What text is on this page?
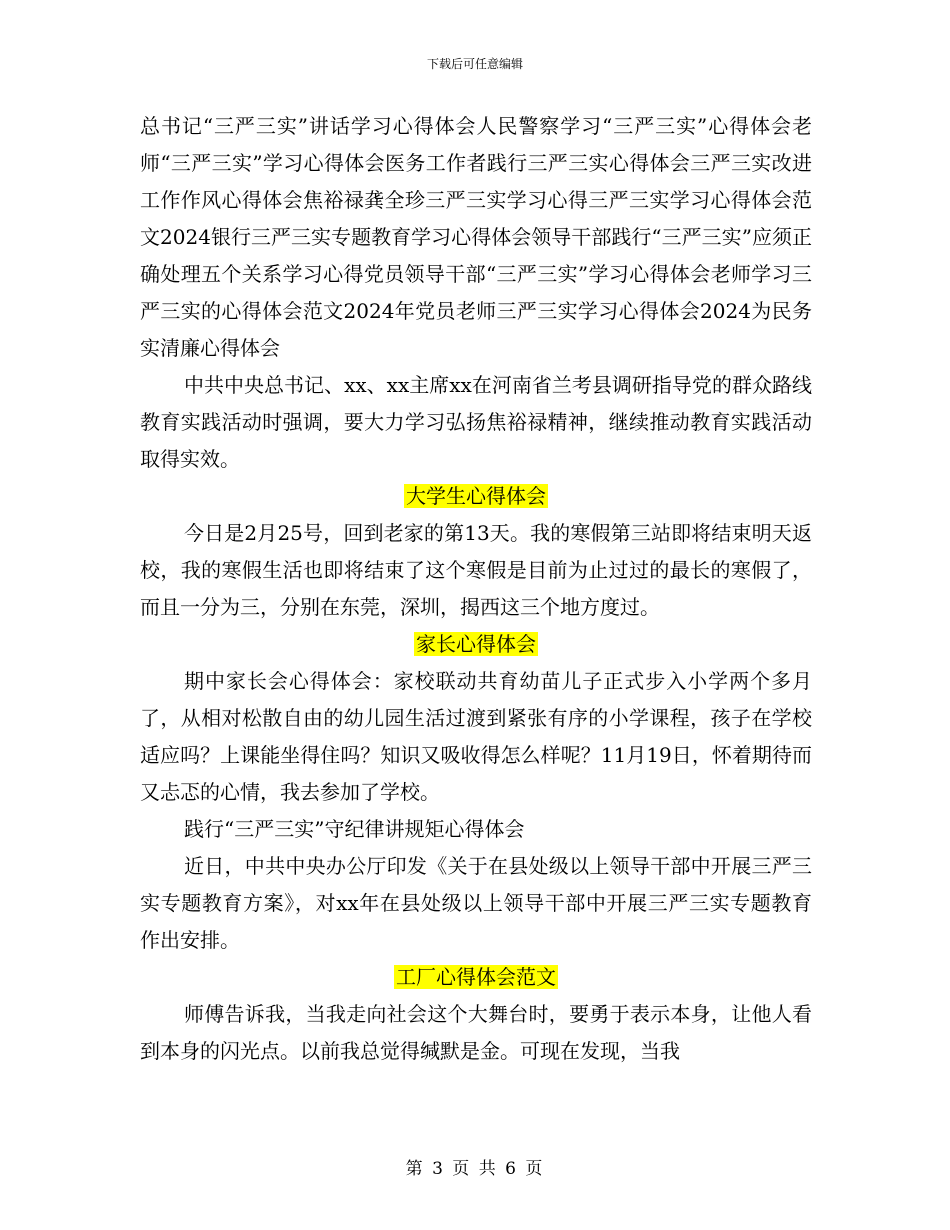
下载后可任意编辑

总书记“三严三实”讲话学习心得体会人民警察学习“三严三实”心得体会老师“三严三实”学习心得体会医务工作者践行三严三实心得体会三严三实改进工作作风心得体会焦裕禄龚全珍三严三实学习心得三严三实学习心得体会范文2024银行三严三实专题教育学习心得体会领导干部践行“三严三实”应须正确处理五个关系学习心得党员领导干部“三严三实”学习心得体会老师学习三严三实的心得体会范文2024年党员老师三严三实学习心得体会2024为民务实清廉心得体会

中共中央总书记、xx、xx主席xx在河南省兰考县调研指导党的群众路线教育实践活动时强调，要大力学习弘扬焦裕禄精神，继续推动教育实践活动取得实效。

大学生心得体会

今日是2月25号，回到老家的第13天。我的寒假第三站即将结束明天返校，我的寒假生活也即将结束了这个寒假是目前为止过过的最长的寒假了，而且一分为三，分别在东莞，深圳，揭西这三个地方度过。

家长心得体会

期中家长会心得体会：家校联动共育幼苗儿子正式步入小学两个多月了，从相对松散自由的幼儿园生活过渡到紧张有序的小学课程，孩子在学校适应吗？上课能坐得住吗？知识又吸收得怎么样呢？11月19日，怀着期待而又忐忑的心情，我去参加了学校。

践行“三严三实”守纪律讲规矩心得体会

近日，中共中央办公厅印发《关于在县处级以上领导干部中开展三严三实专题教育方案》，对xx年在县处级以上领导干部中开展三严三实专题教育作出安排。

工厂心得体会范文

师傅告诉我，当我走向社会这个大舞台时，要勇于表示本身，让他人看到本身的闪光点。以前我总觉得缄默是金。可现在发现，当我

第 3 页 共 6 页
